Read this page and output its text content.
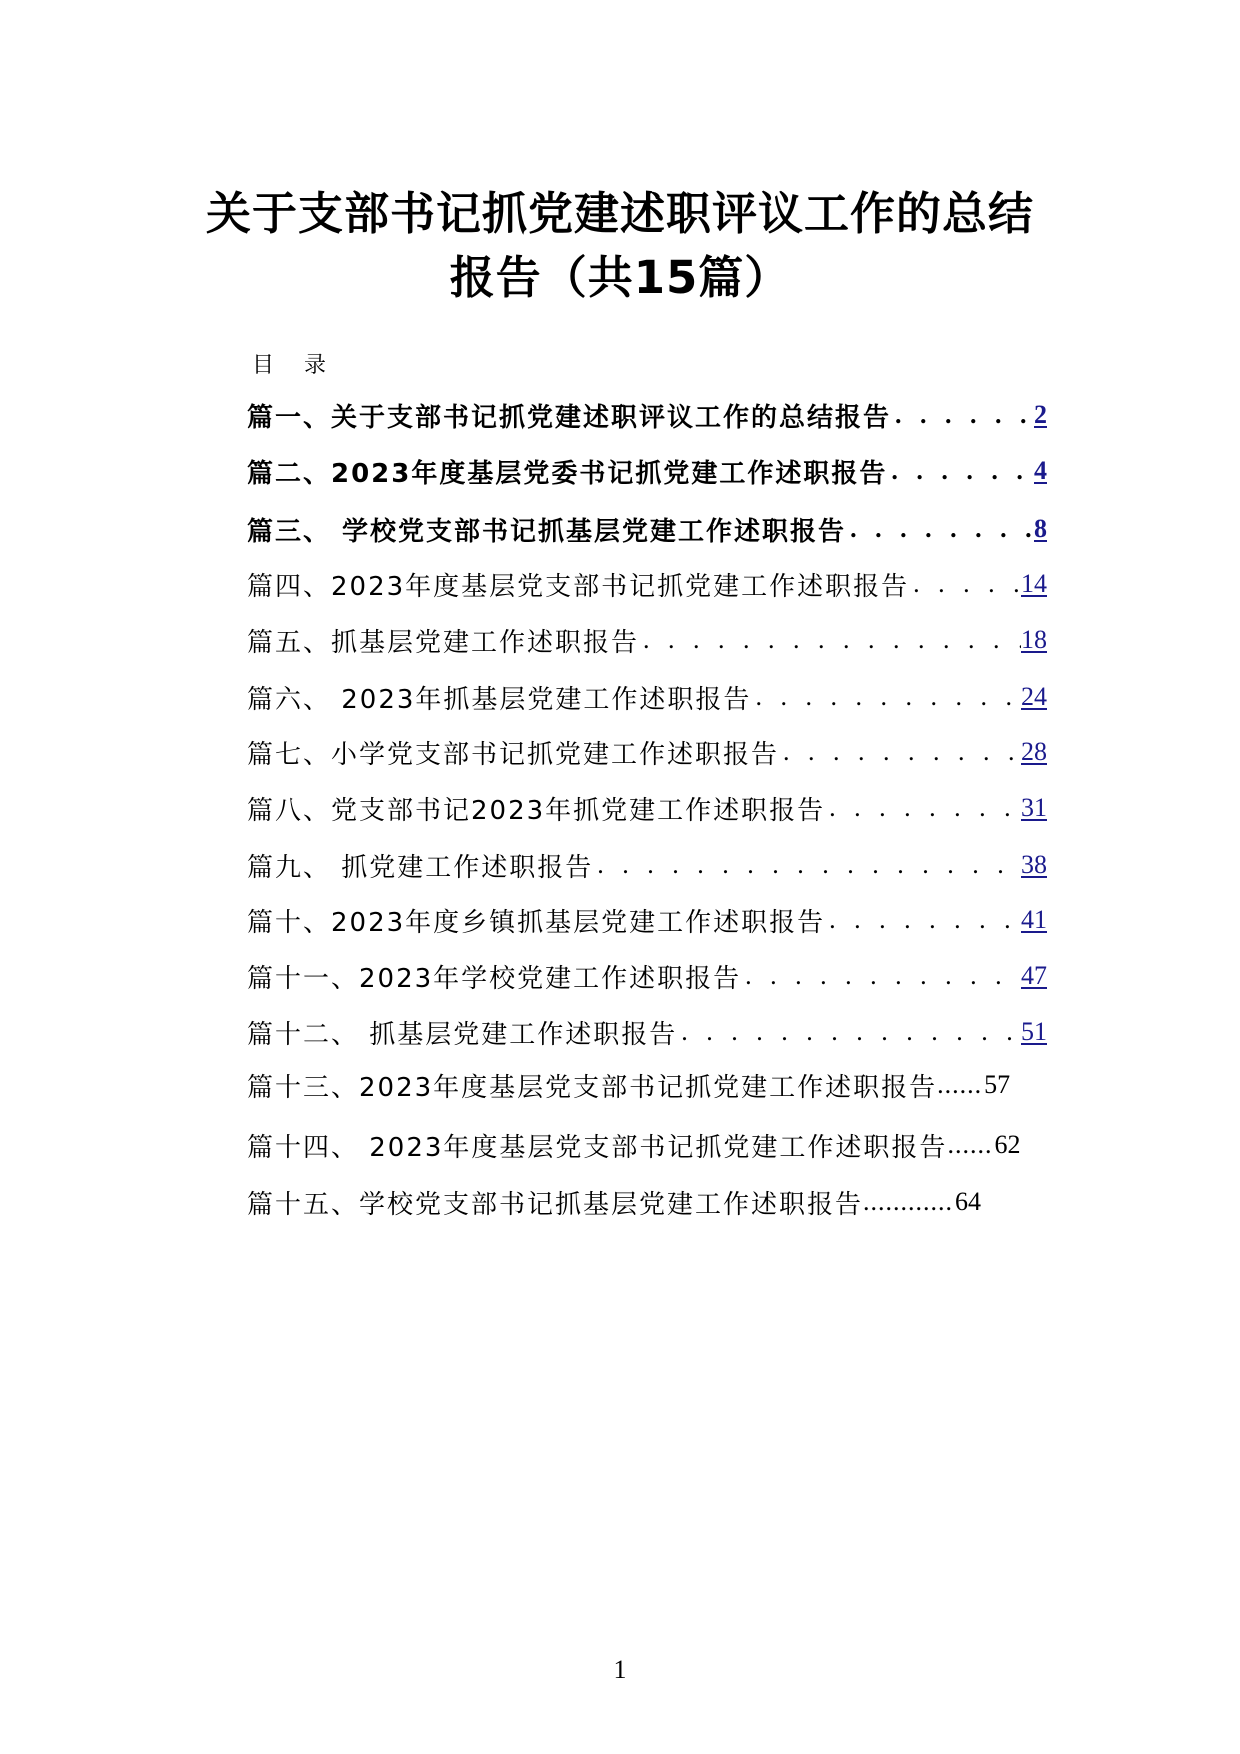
关于支部书记抓党建述职评议工作的总结
报告（共15篇）
目录
篇一、关于支部书记抓党建述职评议工作的总结报告 . . .	2
篇二、2023年度基层党委书记抓党建工作述职报告 . . .	4
篇三、 学校党支部书记抓基层党建工作述职报告 . . .	8
篇四、2023年度基层党支部书记抓党建工作述职报告 . . .	14
篇五、抓基层党建工作述职报告 . . .	18
篇六、 2023年抓基层党建工作述职报告 . . .	24
篇七、小学党支部书记抓党建工作述职报告 . . .	28
篇八、党支部书记2023年抓党建工作述职报告 . . .	31
篇九、 抓党建工作述职报告 . . .	38
篇十、2023年度乡镇抓基层党建工作述职报告 . . .	41
篇十一、2023年学校党建工作述职报告 . . .	47
篇十二、 抓基层党建工作述职报告 . . .	51
篇十三、2023年度基层党支部书记抓党建工作述职报告 ...... 57
篇十四、 2023年度基层党支部书记抓党建工作述职报告 ...... 62
篇十五、学校党支部书记抓基层党建工作述职报告 ............ 64
1
